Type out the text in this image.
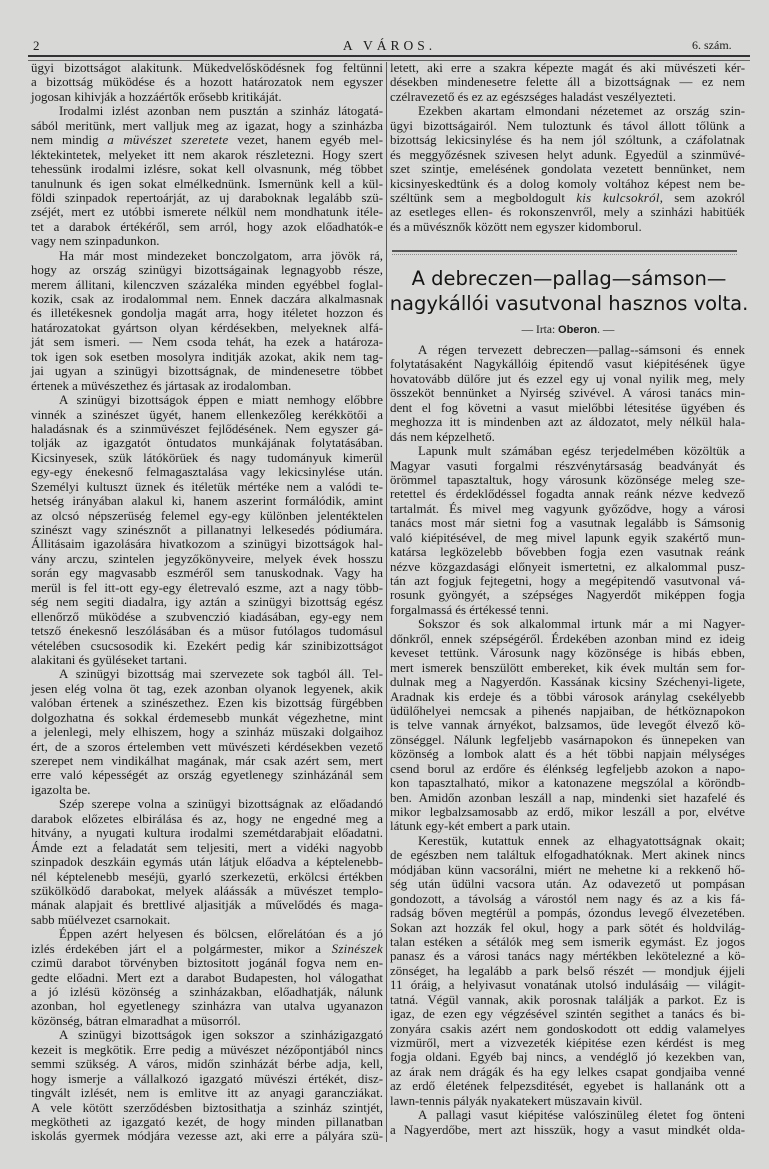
2	A VÁROS.	6. szám.
ügyi bizottságot alakitunk. Mükedvelősködésnek fog feltünni
a bizottság müködése és a hozott határozatok nem egyszer
jogosan kihivják a hozzáértők erősebb kritikáját.
Irodalmi izlést azonban nem pusztán a szinház látogatá-
sából meritünk, mert valljuk meg az igazat, hogy a szinházba
nem mindig a müvészet szeretete vezet, hanem egyéb mel-
léktekintetek, melyeket itt nem akarok részletezni. Hogy szert
tehessünk irodalmi izlésre, sokat kell olvasnunk, még többet
tanulnunk és igen sokat elmélkednünk. Ismernünk kell a kül-
földi szinpadok repertoárját, az uj daraboknak legalább szü-
zséjét, mert ez utóbbi ismerete nélkül nem mondhatunk itéle-
tet a darabok értékéről, sem arról, hogy azok előadhatók-e
vagy nem szinpadunkon.
Ha már most mindezeket bonczolgatom, arra jövök rá,
hogy az ország szinügyi bizottságainak legnagyobb része,
merem állitani, kilenczven százaléka minden egyébbel foglal-
kozik, csak az irodalommal nem. Ennek daczára alkalmasnak
és illetékesnek gondolja magát arra, hogy itéletet hozzon és
határozatokat gyártson olyan kérdésekben, melyeknek alfá-
ját sem ismeri. — Nem csoda tehát, ha ezek a határoza-
tok igen sok esetben mosolyra inditják azokat, akik nem tag-
jai ugyan a szinügyi bizottságnak, de mindenesetre többet
értenek a müvészethez és jártasak az irodalomban.
A szinügyi bizottságok éppen e miatt nemhogy előbbre
vinnék a szinészet ügyét, hanem ellenkezőleg kerékkötői a
haladásnak és a szinmüvészet fejlődésének. Nem egyszer gá-
tolják az igazgatót öntudatos munkájának folytatásában.
Kicsinyesek, szük látókörüek és nagy tudományuk kimerül
egy-egy énekesnő felmagasztalása vagy lekicsinylése után.
Személyi kultuszt üznek és itéletük mértéke nem a valódi te-
hetség irányában alakul ki, hanem aszerint formálódik, amint
az olcsó népszerüség felemel egy-egy különben jelentéktelen
szinészt vagy szinésznőt a pillanatnyi lelkesedés pódiumára.
Állitásaim igazolására hivatkozom a szinügyi bizottságok hal-
vány arczu, szintelen jegyzőkönyveire, melyek évek hosszu
során egy magvasabb eszméről sem tanuskodnak. Vagy ha
merül is fel itt-ott egy-egy életrevaló eszme, azt a nagy több-
ség nem segiti diadalra, igy aztán a szinügyi bizottság egész
ellenőrző müködése a szubvenczió kiadásában, egy-egy nem
tetsző énekesnő leszólásában és a müsor futólagos tudomásul
vételében csucsosodik ki. Ezekért pedig kár szinibizottságot
alakitani és gyüléseket tartani.
A szinügyi bizottság mai szervezete sok tagból áll. Tel-
jesen elég volna öt tag, ezek azonban olyanok legyenek, akik
valóban értenek a szinészethez. Ezen kis bizottság fürgébben
dolgozhatna és sokkal érdemesebb munkát végezhetne, mint
a jelenlegi, mely elhiszem, hogy a szinház müszaki dolgaihoz
ért, de a szoros értelemben vett müvészeti kérdésekben vezető
szerepet nem vindikálhat magának, már csak azért sem, mert
erre való képességét az ország egyetlenegy szinházánál sem
igazolta be.
Szép szerepe volna a szinügyi bizottságnak az előadandó
darabok előzetes elbirálása és az, hogy ne engedné meg a
hitvány, a nyugati kultura irodalmi szemétdarabjait előadatni.
Ámde ezt a feladatát sem teljesiti, mert a vidéki nagyobb
szinpadok deszkáin egymás után látjuk előadva a képtelenebb-
nél képtelenebb meséjü, gyarló szerkezetü, erkölcsi értékben
szükölködő darabokat, melyek aláássák a müvészet templo-
mának alapjait és brettlivé aljasitják a művelődés és maga-
sabb müélvezet csarnokait.
Éppen azért helyesen és bölcsen, előrelátóan és a jó
izlés érdekében járt el a polgármester, mikor a Szinészek
czimü darabot törvényben biztositott jogánál fogva nem en-
gedte előadni. Mert ezt a darabot Budapesten, hol válogathat
a jó izlésü közönség a szinházakban, előadhatják, nálunk
azonban, hol egyetlenegy szinházra van utalva ugyanazon
közönség, bátran elmaradhat a müsorról.
A szinügyi bizottságok igen sokszor a szinházigazgató
kezeit is megkötik. Erre pedig a müvészet nézőpontjából nincs
semmi szükség. A város, midőn szinházát bérbe adja, kell,
hogy ismerje a vállalkozó igazgató müvészi értékét, disz-
tingvált izlését, nem is emlitve itt az anyagi garancziákat.
A vele kötött szerződésben biztosithatja a szinház szintjét,
megkötheti az igazgató kezét, de hogy minden pillanatban
iskolás gyermek módjára vezesse azt, aki erre a pályára szü-
letett, aki erre a szakra képezte magát és aki müvészeti kér-
désekben mindenesetre felette áll a bizottságnak — ez nem
czélravezető és ez az egészséges haladást veszélyezteti.
Ezekben akartam elmondani nézetemet az ország szin-
ügyi bizottságairól. Nem tuloztunk és távol állott tőlünk a
bizottság lekicsinylése és ha nem jól szóltunk, a czáfolatnak
és meggyőzésnek szivesen helyt adunk. Egyedül a szinmüvé-
szet szintje, emelésének gondolata vezetett bennünket, nem
kicsinyeskedtünk és a dolog komoly voltához képest nem be-
széltünk sem a megboldogult kis kulcsokról, sem azokról
az esetleges ellen- és rokonszenvről, mely a szinházi habitüék
és a müvésznők között nem egyszer kidomborul.
A debreczen—pallag—sámson—
nagykállói vasutvonal hasznos volta.
— Irta: Oberon. —
A régen tervezett debreczen—pallag--sámsoni és ennek
folytatásaként Nagykállóig épitendő vasut kiépitésének ügye
hovatovább dülőre jut és ezzel egy uj vonal nyilik meg, mely
összeköt bennünket a Nyirség szivével. A városi tanács min-
dent el fog követni a vasut mielőbbi létesitése ügyében és
meghozza itt is mindenben azt az áldozatot, mely nélkül hala-
dás nem képzelhető.
Lapunk mult számában egész terjedelmében közöltük a
Magyar vasuti forgalmi részvénytársaság beadványát és
örömmel tapasztaltuk, hogy városunk közönsége meleg sze-
retettel és érdeklődéssel fogadta annak reánk nézve kedvező
tartalmát. És mivel meg vagyunk győződve, hogy a városi
tanács most már sietni fog a vasutnak legalább is Sámsonig
való kiépitésével, de meg mivel lapunk egyik szakértő mun-
katársa legközelebb bővebben fogja ezen vasutnak reánk
nézve közgazdasági előnyeit ismertetni, ez alkalommal pusz-
tán azt fogjuk fejtegetni, hogy a megépitendő vasutvonal vá-
rosunk gyöngyét, a szépséges Nagyerdőt miképpen fogja
forgalmassá és értékessé tenni.
Sokszor és sok alkalommal irtunk már a mi Nagyer-
dőnkről, ennek szépségéről. Érdekében azonban mind ez ideig
keveset tettünk. Városunk nagy közönsége is hibás ebben,
mert ismerek benszülött embereket, kik évek multán sem for-
dulnak meg a Nagyerdőn. Kassának kicsiny Széchenyi-ligete,
Aradnak kis erdeje és a többi városok aránylag csekélyebb
üdülőhelyei nemcsak a pihenés napjaiban, de hétköznapokon
is telve vannak árnyékot, balzsamos, üde levegőt élvező kö-
zönséggel. Nálunk legfeljebb vasárnapokon és ünnepeken van
közönség a lombok alatt és a hét többi napjain mélységes
csend borul az erdőre és élénkség legfeljebb azokon a napo-
kon tapasztalható, mikor a katonazene megszólal a köröndb-
ben. Amidőn azonban leszáll a nap, mindenki siet hazafelé és
mikor legbalzsamosabb az erdő, mikor leszáll a por, elvétve
látunk egy-két embert a park utain.
Kerestük, kutattuk ennek az elhagyatottságnak okait;
de egészben nem találtuk elfogadhatóknak. Mert akinek nincs
módjában künn vacsorálni, miért ne mehetne ki a rekkenő hő-
ség után üdülni vacsora után. Az odavezető ut pompásan
gondozott, a távolság a várostól nem nagy és az a kis fá-
radság bőven megtérül a pompás, ózondus levegő élvezetében.
Sokan azt hozzák fel okul, hogy a park sötét és holdvilág-
talan estéken a sétálók meg sem ismerik egymást. Ez jogos
panasz és a városi tanács nagy mértékben lekötelezné a kö-
zönséget, ha legalább a park belső részét — mondjuk éjjeli
11 óráig, a helyivasut vonatának utolsó indulásáig — világit-
tatná. Végül vannak, akik porosnak találják a parkot. Ez is
igaz, de ezen egy végzésével szintén segithet a tanács és bi-
zonyára csakis azért nem gondoskodott ott eddig valamelyes
vizmüről, mert a vizvezeték kiépitése ezen kérdést is meg
fogja oldani. Egyéb baj nincs, a vendéglő jó kezekben van,
az árak nem drágák és ha egy lelkes csapat gondjaiba venné
az erdő életének felpezsditését, egyebet is hallanánk ott a
lawn-tennis pályák nyakatekert müszavain kivül.
A pallagi vasut kiépitése valószinüleg életet fog önteni
a Nagyerdőbe, mert azt hisszük, hogy a vasut mindkét olda-
